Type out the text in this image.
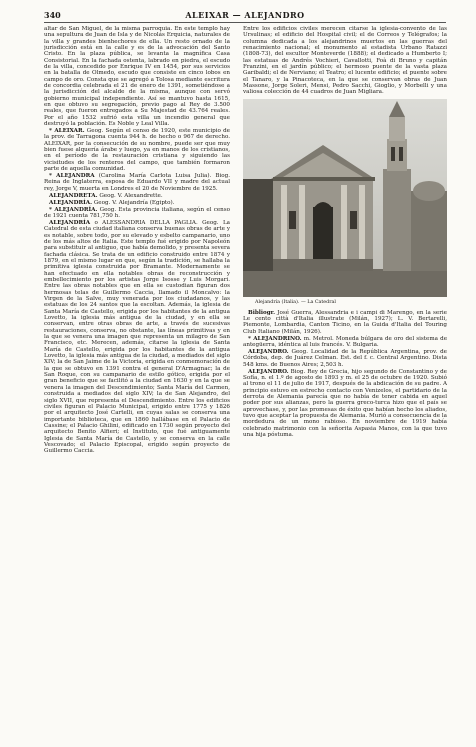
340	ALEIXAR — ALEJANDRO

altar de San Miguel, de la misma parroquia. En este templo hay una sepultura de Juan de Isla y de Nicolás Erquicia, naturales de la villa y grandes bienhechores de ella. Un resto ornado de la jurisdicción está en la calle y es de la advocación del Santo Cristo. En la plaza pública, se levanta la magnífica Casa Consistorial. En la fachada ostenta, labrado en piedra, el escudo de la villa, concedido por Enrique IV en 1454, por sus servicios en la batalla de Olmedo, escudo que consiste en cinco lobos en campo de oro. Consta que se agregó a Tolosa mediante escritura de concordia celebrada el 21 de enero de 1391, sometiéndose a la jurisdicción del alcalde de la misma, aunque con servó gobierno municipal independiente. Así se mantuvo hasta 1615, en que obtuvo su segregación, previo pago al Rey de 3.500 reales, que fueron entregados a Su Majestad de 43.764 reales. Por el año 1532 sufrió esta villa un incendio general que destruyó la población. Es Noble y Leal Villa.

* ALEIXAR. Geog. Según el censo de 1920, este municipio de la prov. de Tarragona cuenta 944 h. de hecho o 967 de derecho. ALEIXAR, por la consecución de su nombre, puede ser que muy bien fuese alquería árabe y luego, ya en manos de los cristianos, en el período de la restauración cristiana y siguiendo las vicisitudes de los renteros del campo, que también formaron parte de aquella comunidad.

* ALEJANDRA (Carolina María Carlota Luisa Julia). Biog. Reina de Inglaterra, esposa de Eduardo VII y madre del actual rey, Jorge V, muerta en Londres el 20 de Noviembre de 1925.

ALEJANDRETA. Geog. V. Alexandrette.

ALEJANDRÍA. Geog. V. Alejandría (Egipto).

* ALEJANDRÍA. Geog. Esta provincia italiana, según el censo de 1921 cuenta 781,750 h.

ALEJANDRÍA o ALESSANDRIA DELLA PAGLIA. Geog. La Catedral de esta ciudad italiana conserva buenas obras de arte y es notable, sobre todo, por su elevado y esbelto campanario, uno de los más altos de Italia. Este templo fué erigido por Napoleón para substituir al antiguo, que había demolido, y presenta severa fachada clásica. Se trata de un edificio construido entre 1874 y 1879, en el mismo lugar en que, según la tradición, se hallaba la primitiva iglesia construida por Bramante. Modernamente se han efectuado en ella notables obras de reconstrucción y embellecimiento por los artistas Jorge Isosse y Luis Morgari. Entre las obras notables que en ella se custodian figuran dos hermosas telas de Guillermo Caccia, llamado il Moncalvo: la Virgen de la Salve, muy venerada por los ciudadanos, y las estatuas de los 24 santos que la escoltan. Además, la iglesia de Santa María de Castello, erigida por los habitantes de la antigua Lovetto, la iglesia más antigua de la ciudad, y en ella se conservan, entre otras obras de arte, a través de sucesivas restauraciones, conserva, no obstante, las líneas primitivas y en la que se venera una imagen que representa un milagro de San Francisco, etc. Merecen, además, citarse la iglesia de Santa María de Castello, erigida por los habitantes de la antigua Lovetto, la iglesia más antigua de la ciudad, a mediados del siglo XIV; la de San Jaime de la Victoria, erigida en conmemoración de la que se obtuvo en 1391 contra el general D'Armagnac; la de San Roque, con su campanario de estilo gótico, erigida por el gran beneficio que se facilitó a la ciudad en 1630 y en la que se venera la imagen del Descendimiento; Santa María del Carmen, construida a mediados del siglo XIV; la de San Alejandro, del siglo XVII, que representa el Descendimiento. Entre los edificios civiles figuran el Palacio Municipal, erigido entre 1775 y 1826 por el arquitecto José Cartelli, en cuyas salas se conserva una importante biblioteca, que en 1860 hallábase en el Palacio de Cassine; el Palacio Ghilini, edificado en 1730 según proyecto del arquitecto Benito Alfieri; el Instituto, que fué antiguamente Iglesia de Santa María de Castello, y se conserva en la calle Vescovado; el Palacio Episcopal, erigido según proyecto de Guillermo Caccia.

Entre los edificios civiles merecen citarse la iglesia-convento de las Ursulinas; el edificio del Hospital civil; el de Correos y Telégrafos; la columna dedicada a los alejandrinos muertos en las guerras del renacimiento nacional; el monumento al estadista Urbano Ratazzi (1808-73), del escultor Monteverde (1888); el dedicado a Humberto I; las estatuas de Andrés Vochieri, Cavallotti, Foà di Bruno y capitán Franzini, en el jardín público; el hermoso puente de la vasta plaza Garibaldi; el de Nerviano; el Teatro; el lucente edificio; el puente sobre el Tanaro, y la Pinacoteca, en la que se conservan obras de Juan Massone, Jorge Soleri, Mensi, Pedro Sacchi, Gioglio, y Morbelli y una valiosa colección de 44 cuadros de Juan Migliara.

Alejandría (Italia). — La Catedral

Bibliogr. José Guerra, Alessandria e i campi di Marengo, en la serie Le cento città d'Italia illustrate (Milán, 1927); L. V. Bertarelli, Piemonte, Lombardia, Canton Ticino, en la Guida d'Italia del Touring Club Italiano (Milán, 1926).

* ALEJANDRINO. m. Metrol. Moneda búlgara de oro del sistema de antegüerra, idéntica al luis francés. V. Bulgaria.

ALEJANDRO. Geog. Localidad de la República Argentina, prov. de Córdoba, dep. de Juárez Celman. Est. del f. c. Central Argentino. Dista 548 kms. de Buenos Aires; 2,503 h.

ALEJANDRO. Biog. Rey de Grecia, hijo segundo de Constantino y de Sofía, n. el 1.º de agosto de 1893 y m. el 25 de octubre de 1920. Subió al trono el 11 de julio de 1917, después de la abdicación de su padre. A principio estuvo en estrecho contacto con Venizelos, el partidario de la derrota de Alemania parecía que no había de tener cabida en aquel poder por sus alianzas, pero la guerra greco-turca hizo que el país se aprovechase, y, por las promesas de éxito que habían hecho los aliados, tuvo que aceptar la propuesta de Alemania. Murió a consecuencia de la mordedura de un mono rabioso. En noviembre de 1919 había celebrado matrimonio con la señorita Aspasia Manos, con la que tuvo una hija póstuma.
